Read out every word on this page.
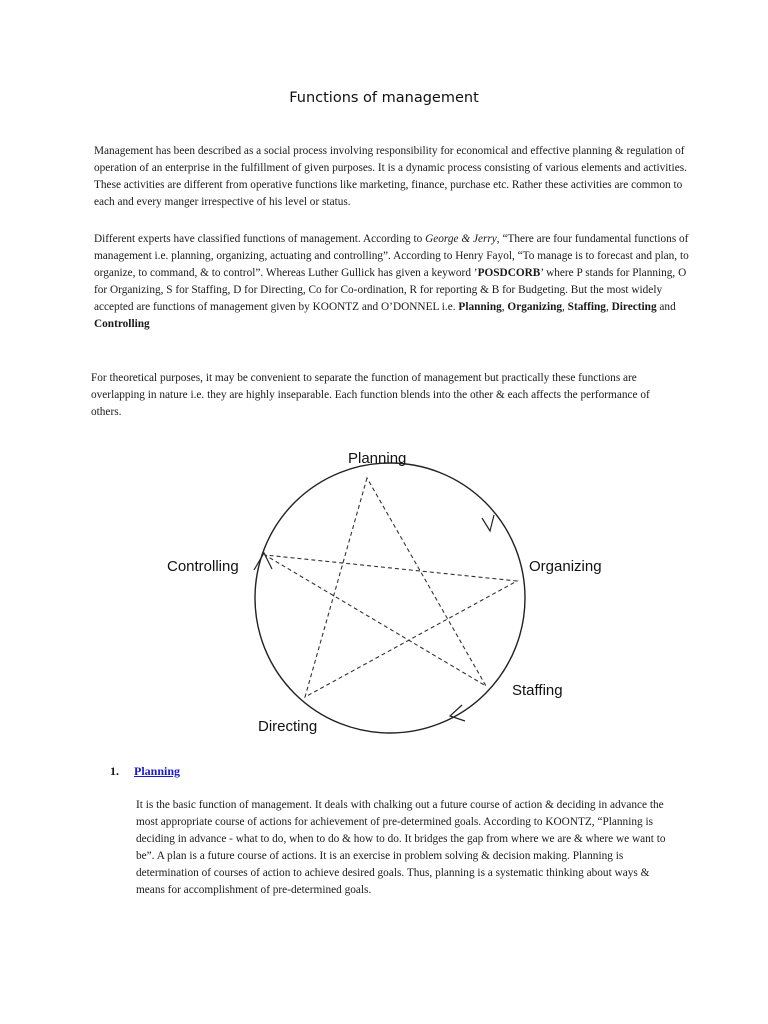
Functions of management

Management has been described as a social process involving responsibility for economical and effective planning & regulation of operation of an enterprise in the fulfillment of given purposes. It is a dynamic process consisting of various elements and activities. These activities are different from operative functions like marketing, finance, purchase etc. Rather these activities are common to each and every manger irrespective of his level or status.

Different experts have classified functions of management. According to George & Jerry, “There are four fundamental functions of management i.e. planning, organizing, actuating and controlling”. According to Henry Fayol, “To manage is to forecast and plan, to organize, to command, & to control”. Whereas Luther Gullick has given a keyword ’POSDCORB’ where P stands for Planning, O for Organizing, S for Staffing, D for Directing, Co for Co-ordination, R for reporting & B for Budgeting. But the most widely accepted are functions of management given by KOONTZ and O’DONNEL i.e. Planning, Organizing, Staffing, Directing and Controlling

For theoretical purposes, it may be convenient to separate the function of management but practically these functions are overlapping in nature i.e. they are highly inseparable. Each function blends into the other & each affects the performance of others.

Planning
Organizing
Staffing
Directing
Controlling
1. Planning

It is the basic function of management. It deals with chalking out a future course of action & deciding in advance the most appropriate course of actions for achievement of pre-determined goals. According to KOONTZ, “Planning is deciding in advance - what to do, when to do & how to do. It bridges the gap from where we are & where we want to be”. A plan is a future course of actions. It is an exercise in problem solving & decision making. Planning is determination of courses of action to achieve desired goals. Thus, planning is a systematic thinking about ways & means for accomplishment of pre-determined goals.
